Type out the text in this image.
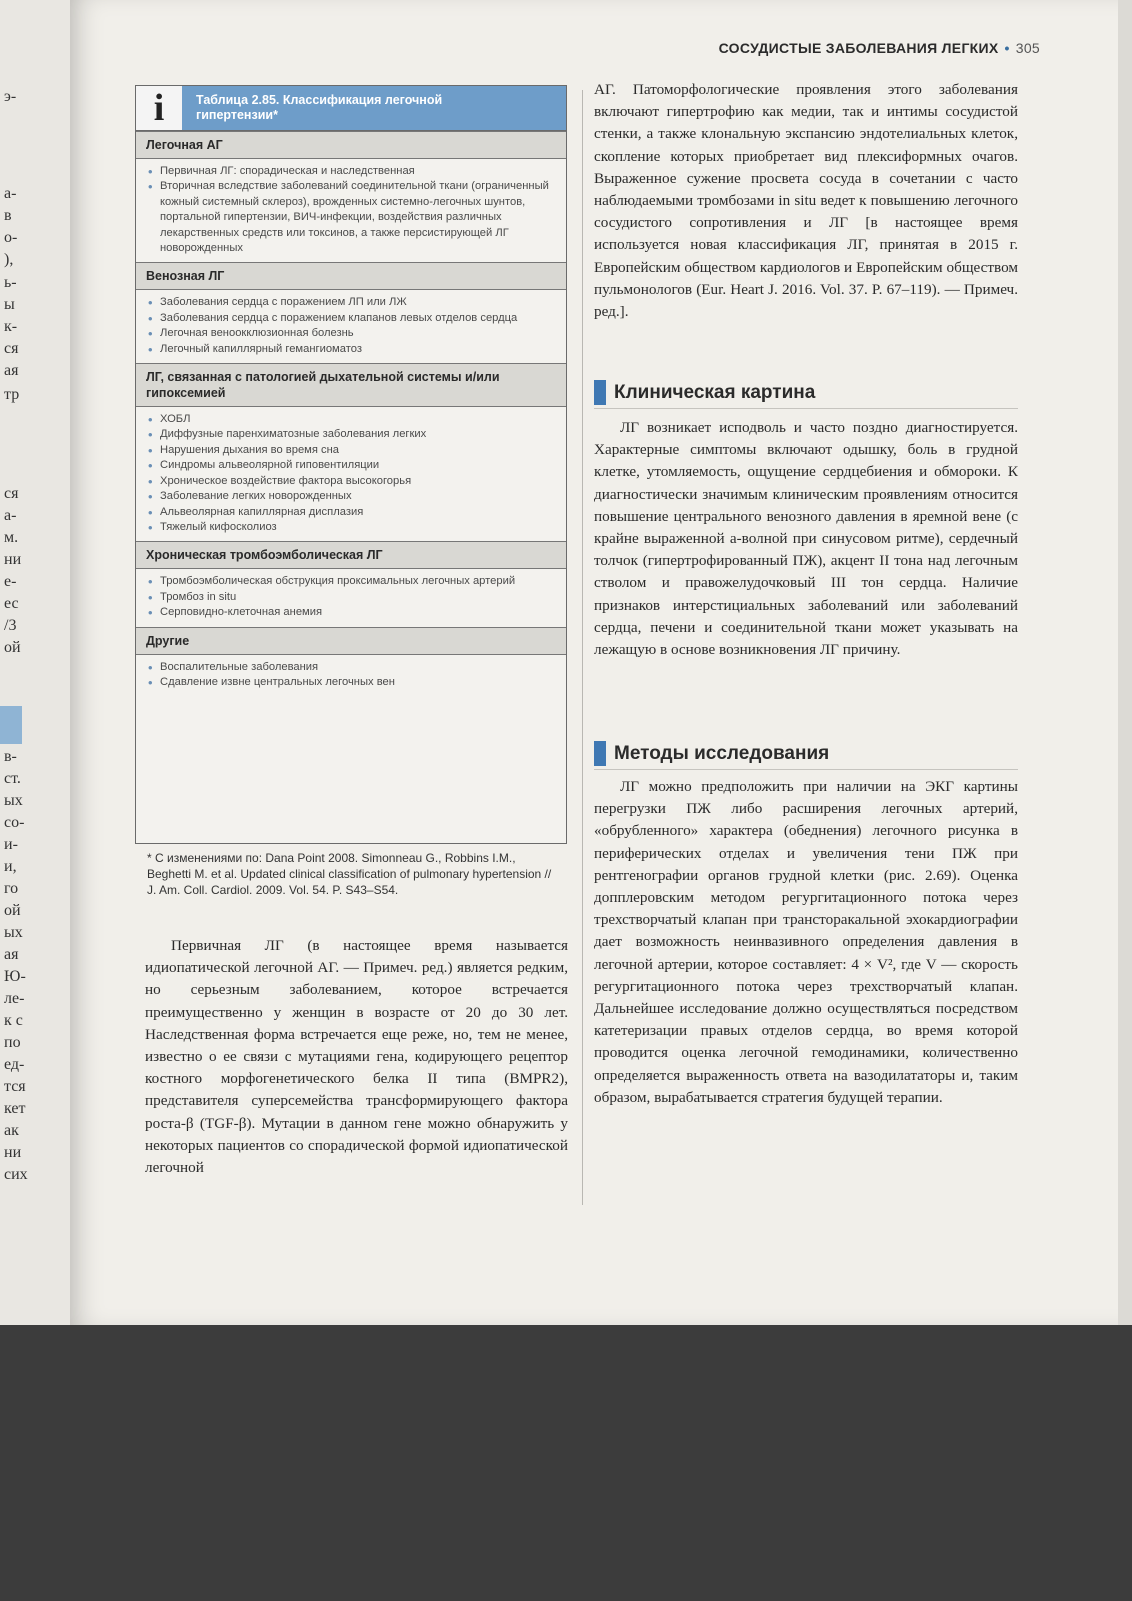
э-
а-
в
о-
),
ь-
ы
к-
ся
ая
тр
ся
а-
м.
ни
е-
ес
/3
ой
в-
ст.
ых
со-
и-
и,
го
ой
ых
ая
Ю-
ле-
к с
по
ед-
тся
кет
ак
ни
сих
СОСУДИСТЫЕ ЗАБОЛЕВАНИЯ ЛЕГКИХ • 305
i	Таблица 2.85. Классификация легочной гипертензии*
Легочная АГ
• Первичная ЛГ: спорадическая и наследственная
• Вторичная вследствие заболеваний соединительной ткани (ограниченный кожный системный склероз), врожденных системно-легочных шунтов, портальной гипертензии, ВИЧ-инфекции, воздействия различных лекарственных средств или токсинов, а также персистирующей ЛГ новорожденных
Венозная ЛГ
• Заболевания сердца с поражением ЛП или ЛЖ
• Заболевания сердца с поражением клапанов левых отделов сердца
• Легочная веноокклюзионная болезнь
• Легочный капиллярный гемангиоматоз
ЛГ, связанная с патологией дыхательной системы и/или гипоксемией
• ХОБЛ
• Диффузные паренхиматозные заболевания легких
• Нарушения дыхания во время сна
• Синдромы альвеолярной гиповентиляции
• Хроническое воздействие фактора высокогорья
• Заболевание легких новорожденных
• Альвеолярная капиллярная дисплазия
• Тяжелый кифосколиоз
Хроническая тромбоэмболическая ЛГ
• Тромбоэмболическая обструкция проксимальных легочных артерий
• Тромбоз in situ
• Серповидно-клеточная анемия
Другие
• Воспалительные заболевания
• Сдавление извне центральных легочных вен
* С изменениями по: Dana Point 2008. Simonneau G., Robbins I.M., Beghetti M. et al. Updated clinical classification of pulmonary hypertension // J. Am. Coll. Cardiol. 2009. Vol. 54. P. S43–S54.
Первичная ЛГ (в настоящее время называется идиопатической легочной АГ. — Примеч. ред.) является редким, но серьезным заболеванием, которое встречается преимущественно у женщин в возрасте от 20 до 30 лет. Наследственная форма встречается еще реже, но, тем не менее, известно о ее связи с мутациями гена, кодирующего рецептор костного морфогенетического белка II типа (BMPR2), представителя суперсемейства трансформирующего фактора роста-β (TGF-β). Мутации в данном гене можно обнаружить у некоторых пациентов со спорадической формой идиопатической легочной
АГ. Патоморфологические проявления этого заболевания включают гипертрофию как медии, так и интимы сосудистой стенки, а также клональную экспансию эндотелиальных клеток, скопление которых приобретает вид плексиформных очагов. Выраженное сужение просвета сосуда в сочетании с часто наблюдаемыми тромбозами in situ ведет к повышению легочного сосудистого сопротивления и ЛГ [в настоящее время используется новая классификация ЛГ, принятая в 2015 г. Европейским обществом кардиологов и Европейским обществом пульмонологов (Eur. Heart J. 2016. Vol. 37. P. 67–119). — Примеч. ред.].
Клиническая картина
ЛГ возникает исподволь и часто поздно диагностируется. Характерные симптомы включают одышку, боль в грудной клетке, утомляемость, ощущение сердцебиения и обмороки. К диагностически значимым клиническим проявлениям относится повышение центрального венозного давления в яремной вене (с крайне выраженной а-волной при синусовом ритме), сердечный толчок (гипертрофированный ПЖ), акцент II тона над легочным стволом и правожелудочковый III тон сердца. Наличие признаков интерстициальных заболеваний или заболеваний сердца, печени и соединительной ткани может указывать на лежащую в основе возникновения ЛГ причину.
Методы исследования
ЛГ можно предположить при наличии на ЭКГ картины перегрузки ПЖ либо расширения легочных артерий, «обрубленного» характера (обеднения) легочного рисунка в периферических отделах и увеличения тени ПЖ при рентгенографии органов грудной клетки (рис. 2.69). Оценка допплеровским методом регургитационного потока через трехстворчатый клапан при трансторакальной эхокардиографии дает возможность неинвазивного определения давления в легочной артерии, которое составляет: 4 × V², где V — скорость регургитационного потока через трехстворчатый клапан. Дальнейшее исследование должно осуществляться посредством катетеризации правых отделов сердца, во время которой проводится оценка легочной гемодинамики, количественно определяется выраженность ответа на вазодилататоры и, таким образом, вырабатывается стратегия будущей терапии.
